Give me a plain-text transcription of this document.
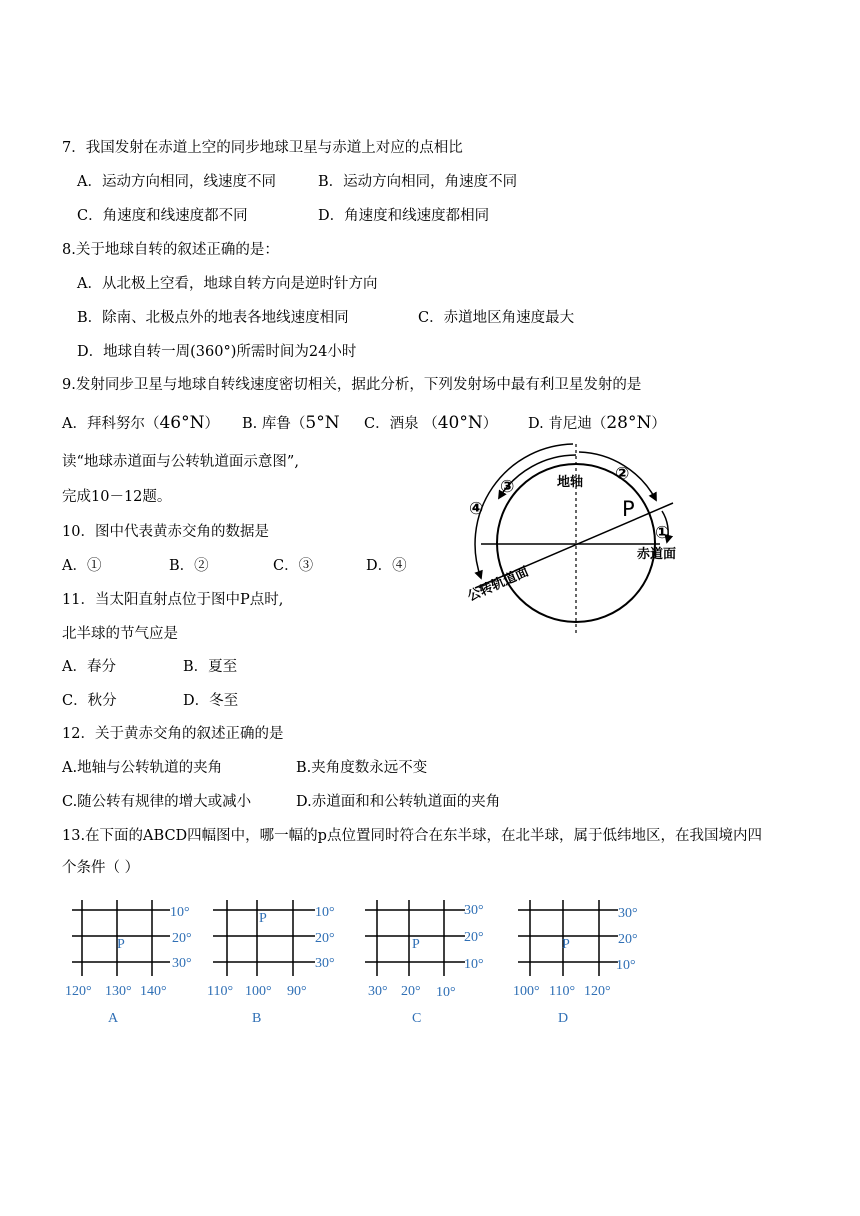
7．我国发射在赤道上空的同步地球卫星与赤道上对应的点相比
A．运动方向相同，线速度不同	B．运动方向相同，角速度不同
C．角速度和线速度都不同	D．角速度和线速度都相同
8.关于地球自转的叙述正确的是：
A．从北极上空看，地球自转方向是逆时针方向
B．除南、北极点外的地表各地线速度相同	C．赤道地区角速度最大
D．地球自转一周(360°)所需时间为24小时
9.发射同步卫星与地球自转线速度密切相关，据此分析，下列发射场中最有利卫星发射的是
A．拜科努尔（46°N） B. 库鲁（5°N C．酒泉 （40°N） D. 肯尼迪（28°N）
读“地球赤道面与公转轨道面示意图”,
完成10－12题。
10．图中代表黄赤交角的数据是
A．①	B．②	C．③	D．④
11．当太阳直射点位于图中P点时,
北半球的节气应是
A．春分	B．夏至
C．秋分	D．冬至
12．关于黄赤交角的叙述正确的是
A.地轴与公转轨道的夹角	B.夹角度数永远不变
C.随公转有规律的增大或减小	D.赤道面和和公转轨道面的夹角
13.在下面的ABCD四幅图中，哪一幅的p点位置同时符合在东半球，在北半球，属于低纬地区，在我国境内四
个条件（ ）
地轴
赤道面
公转轨道面
P
①
②
③
④
10°
20°
30°
P
120° 130° 140°
A
10°
20°
30°
P
110° 100° 90°
B
30°
20°
10°
P
30° 20° 10°
C
30°
20°
10°
P
100° 110° 120°
D
